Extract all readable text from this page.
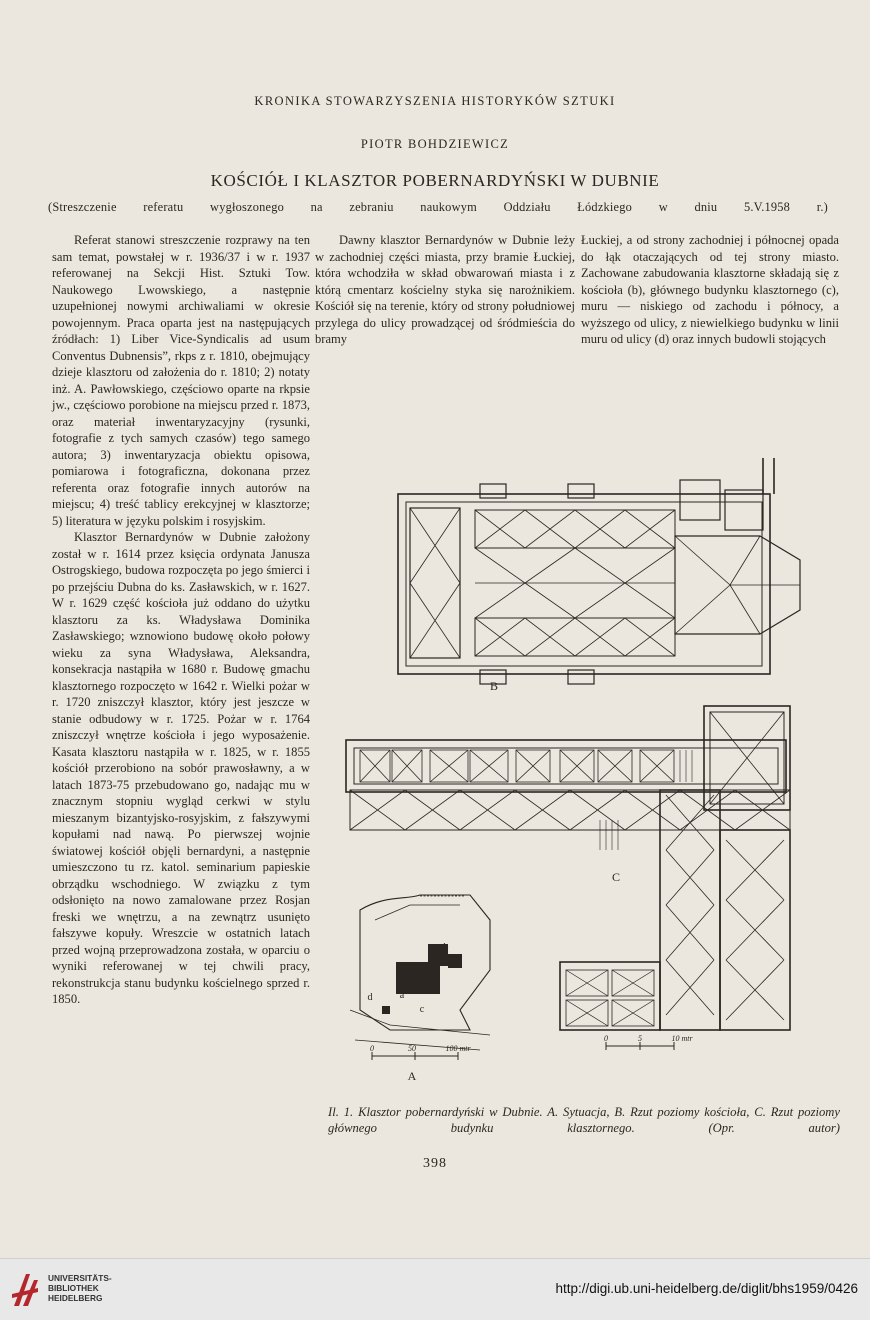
KRONIKA STOWARZYSZENIA HISTORYKÓW SZTUKI
PIOTR BOHDZIEWICZ
KOŚCIÓŁ I KLASZTOR POBERNARDYŃSKI W DUBNIE
(Streszczenie referatu wygłoszonego na zebraniu naukowym Oddziału Łódzkiego w dniu 5.V.1958 r.)

Referat stanowi streszczenie rozprawy na ten sam temat, powstałej w r. 1936/37 i w r. 1937 referowanej na Sekcji Hist. Sztuki Tow. Naukowego Lwowskiego, a następnie uzupełnionej nowymi archiwaliami w okresie powojennym. Praca oparta jest na następujących źródłach: 1) Liber Vice-Syndicalis ad usum Conventus Dubnensis”, rkps z r. 1810, obejmujący dzieje klasztoru od założenia do r. 1810; 2) notaty inż. A. Pawłowskiego, częściowo oparte na rkpsie jw., częściowo porobione na miejscu przed r. 1873, oraz materiał inwentaryzacyjny (rysunki, fotografie z tych samych czasów) tego samego autora; 3) inwentaryzacja obiektu opisowa, pomiarowa i fotograficzna, dokonana przez referenta oraz fotografie innych autorów na miejscu; 4) treść tablicy erekcyjnej w klasztorze; 5) literatura w języku polskim i rosyjskim.

Klasztor Bernardynów w Dubnie założony został w r. 1614 przez księcia ordynata Janusza Ostrogskiego, budowa rozpoczęta po jego śmierci i po przejściu Dubna do ks. Zasławskich, w r. 1627. W r. 1629 część kościoła już oddano do użytku klasztoru za ks. Władysława Dominika Zasławskiego; wznowiono budowę około połowy wieku za syna Władysława, Aleksandra, konsekracja nastąpiła w 1680 r. Budowę gmachu klasztornego rozpoczęto w 1642 r. Wielki pożar w r. 1720 zniszczył klasztor, który jest jeszcze w stanie odbudowy w r. 1725. Pożar w r. 1764 zniszczył wnętrze kościoła i jego wyposażenie. Kasata klasztoru nastąpiła w r. 1825, w r. 1855 kościół przerobiono na sobór prawosławny, a w latach 1873-75 przebudowano go, nadając mu w znacznym stopniu wygląd cerkwi w stylu mieszanym bizantyjsko-rosyjskim, z fałszywymi kopułami nad nawą. Po pierwszej wojnie światowej kościół objęli bernardyni, a następnie umieszczono tu rz. katol. seminarium papieskie obrządku wschodniego. W związku z tym odsłonięto na nowo zamalowane przez Rosjan freski we wnętrzu, a na zewnątrz usunięto fałszywe kopuły. Wreszcie w ostatnich latach przed wojną przeprowadzona została, w oparciu o wyniki referowanej w tej chwili pracy, rekonstrukcja stanu budynku kościelnego sprzed r. 1850.

Dawny klasztor Bernardynów w Dubnie leży w zachodniej części miasta, przy bramie Łuckiej, która wchodziła w skład obwarowań miasta i z którą cmentarz kościelny styka się narożnikiem. Kościół się na terenie, który od strony południowej przylega do ulicy prowadzącej od śródmieścia do bramy

Łuckiej, a od strony zachodniej i północnej opada do łąk otaczających od tej strony miasto. Zachowane zabudowania klasztorne składają się z kościoła (b), głównego budynku klasztornego (c), muru — niskiego od zachodu i północy, a wyższego od ulicy, z niewielkiego budynku w linii muru od ulicy (d) oraz innych budowli stojących

B
C
A
b
a
c
d
0	50	100 mtr
0	5	10 mtr
Il. 1. Klasztor pobernardyński w Dubnie. A. Sytuacja, B. Rzut poziomy kościoła, C. Rzut poziomy głównego budynku klasztornego. (Opr. autor)
398
UNIVERSITÄTS-
BIBLIOTHEK
HEIDELBERG
http://digi.ub.uni-heidelberg.de/diglit/bhs1959/0426
